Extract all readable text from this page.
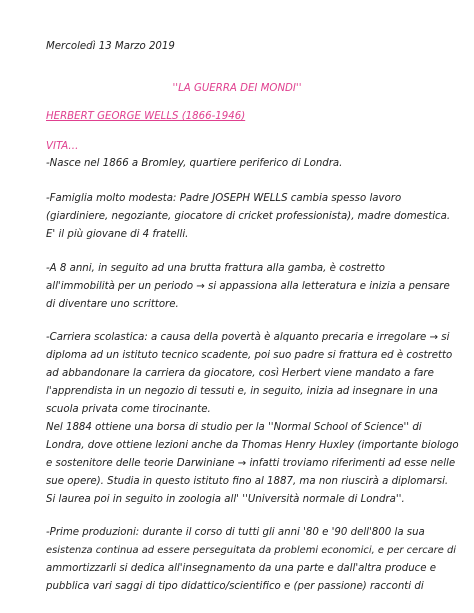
Mercoledì 13 Marzo 2019
''LA GUERRA DEI MONDI''
HERBERT GEORGE WELLS (1866-1946)
VITA…
-Nasce nel 1866 a Bromley, quartiere periferico di Londra.
-Famiglia molto modesta: Padre JOSEPH WELLS cambia spesso lavoro
(giardiniere, negoziante, giocatore di cricket professionista), madre domestica.
E' il più giovane di 4 fratelli.
-A 8 anni, in seguito ad una brutta frattura alla gamba, è costretto
all'immobilità per un periodo → si appassiona alla letteratura e inizia a pensare
di diventare uno scrittore.
-Carriera scolastica: a causa della povertà è alquanto precaria e irregolare → si
diploma ad un istituto tecnico scadente, poi suo padre si frattura ed è costretto
ad abbandonare la carriera da giocatore, così Herbert viene mandato a fare
l'apprendista in un negozio di tessuti e, in seguito, inizia ad insegnare in una
scuola privata come tirocinante.
Nel 1884 ottiene una borsa di studio per la ''Normal School of Science'' di
Londra, dove ottiene lezioni anche da Thomas Henry Huxley (importante biologo
e sostenitore delle teorie Darwiniane → infatti troviamo riferimenti ad esse nelle
sue opere). Studia in questo istituto fino al 1887, ma non riuscirà a diplomarsi.
Si laurea poi in seguito in zoologia all' ''Università normale di Londra''.
-Prime produzioni: durante il corso di tutti gli anni '80 e '90 dell'800 la sua
esistenza continua ad essere perseguitata da problemi economici, e per cercare di
ammortizzarli si dedica all'insegnamento da una parte e dall'altra produce e
pubblica vari saggi di tipo didattico/scientifico e (per passione) racconti di
